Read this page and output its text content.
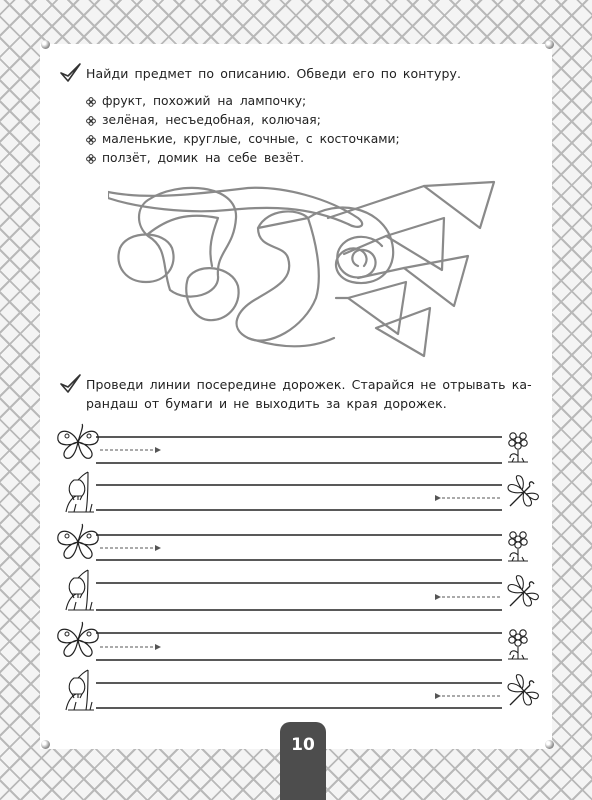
Найди предмет по описанию. Обведи его по контуру.
фрукт, похожий на лампочку;
зелёная, несъедобная, колючая;
маленькие, круглые, сочные, с косточками;
ползёт, домик на себе везёт.
Проведи линии посередине дорожек. Старайся не отрывать ка-
рандаш от бумаги и не выходить за края дорожек.
10
